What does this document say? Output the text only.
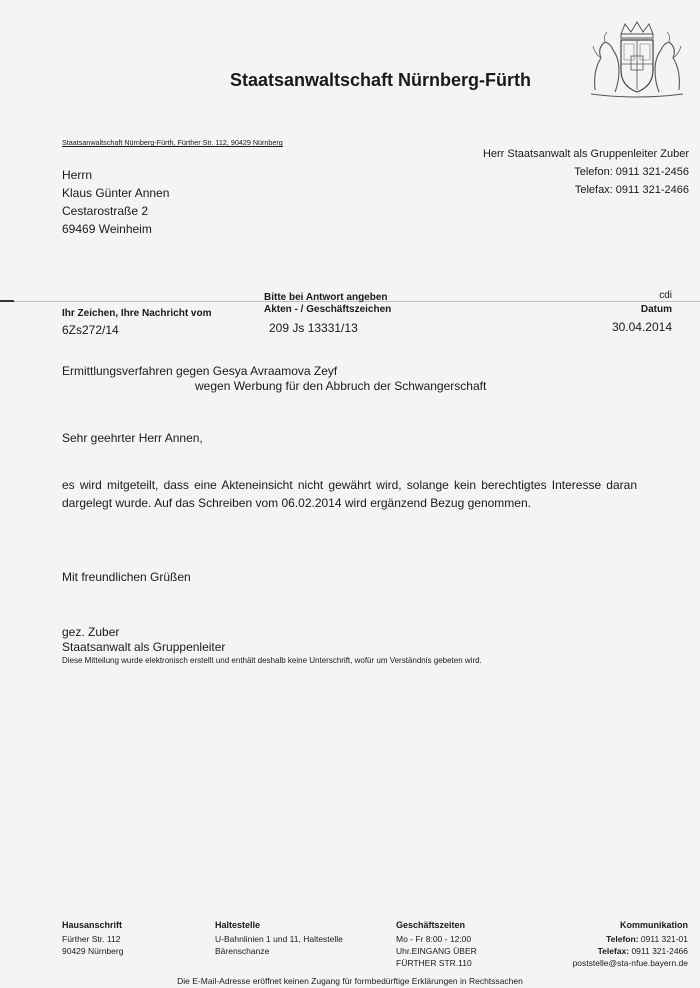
Staatsanwaltschaft Nürnberg-Fürth
Staatsanwaltschaft Nürnberg-Fürth, Fürther Str. 112, 90429 Nürnberg
Herrn
Klaus Günter Annen
Cestarostraße 2
69469 Weinheim
Herr Staatsanwalt als Gruppenleiter Zuber
Telefon: 0911 321-2456
Telefax: 0911 321-2466
Ihr Zeichen, Ihre Nachricht vom
6Zs272/14
Bitte bei Antwort angeben
Akten - / Geschäftszeichen
209 Js 13331/13
cdi
Datum
30.04.2014
Ermittlungsverfahren gegen Gesya Avraamova Zeyf
wegen Werbung für den Abbruch der Schwangerschaft
Sehr geehrter Herr Annen,
es wird mitgeteilt, dass eine Akteneinsicht nicht gewährt wird, solange kein berechtigtes Interesse daran dargelegt wurde. Auf das Schreiben vom 06.02.2014 wird ergänzend Bezug genommen.
Mit freundlichen Grüßen
gez. Zuber
Staatsanwalt als Gruppenleiter
Diese Mitteilung wurde elektronisch erstellt und enthält deshalb keine Unterschrift, wofür um Verständnis gebeten wird.
Hausanschrift
Fürther Str. 112
90429 Nürnberg
Haltestelle
U-Bahnlinien 1 und 11, Haltestelle
Bärenschanze
Geschäftszeiten
Mo - Fr 8:00 - 12:00
Uhr.EINGANG ÜBER
FÜRTHER STR.110
Kommunikation
Telefon: 0911 321-01
Telefax: 0911 321-2466
poststelle@sta-nfue.bayern.de
Die E-Mail-Adresse eröffnet keinen Zugang für formbedürftige Erklärungen in Rechtssachen
